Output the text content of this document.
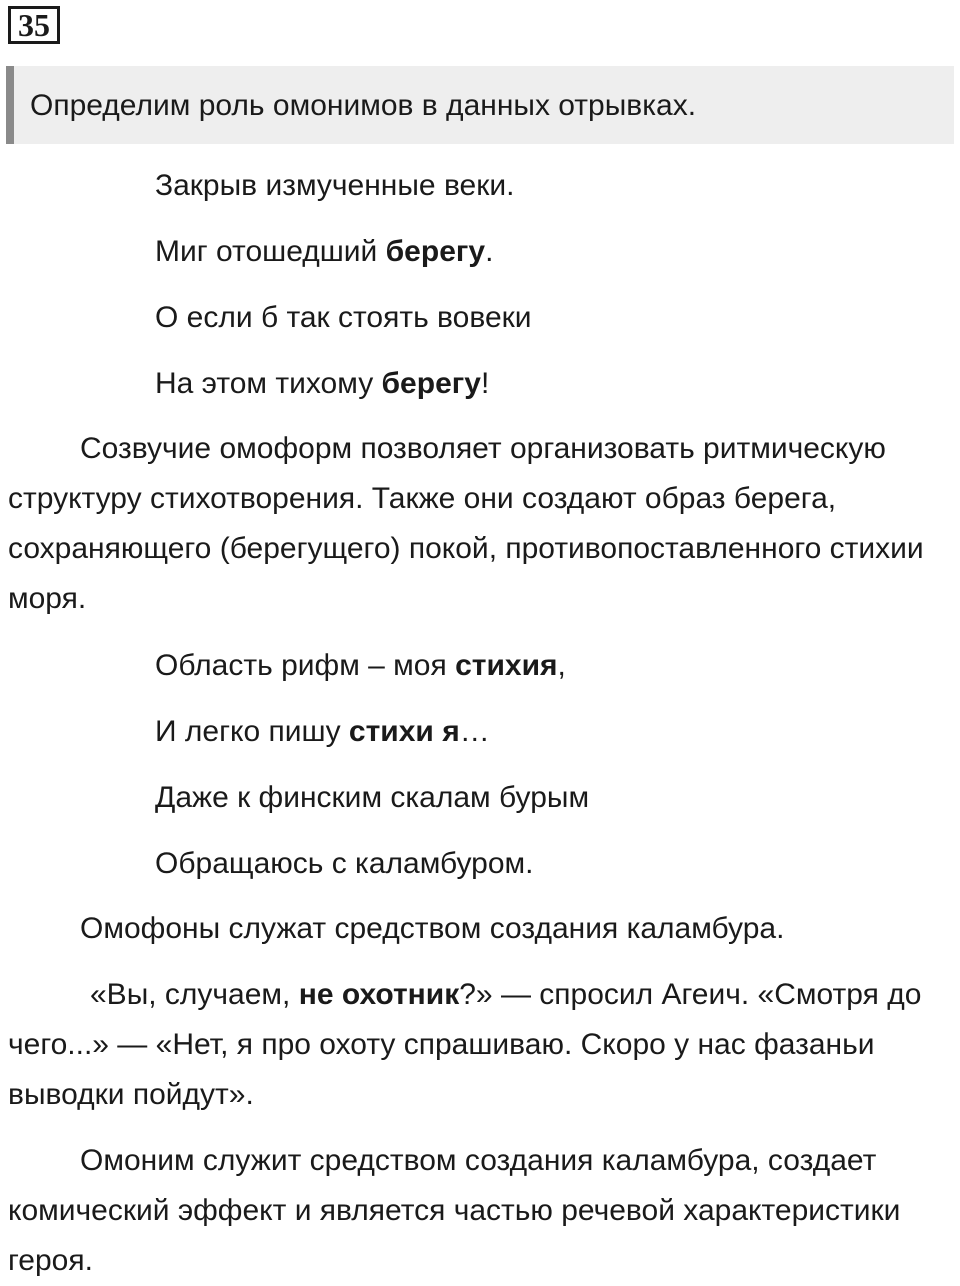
35
Определим роль омонимов в данных отрывках.
Закрыв измученные веки.
Миг отошедший берегу.
О если б так стоять вовеки
На этом тихому берегу!

Созвучие омоформ позволяет организовать ритмическую структуру стихотворения. Также они создают образ берега, сохраняющего (берегущего) покой, противопоставленного стихии моря.

Область рифм – моя стихия,
И легко пишу стихи я…
Даже к финским скалам бурым
Обращаюсь с каламбуром.

Омофоны служат средством создания каламбура.

«Вы, случаем, не охотник?» — спросил Агеич. «Смотря до чего...» — «Нет, я про охоту спрашиваю. Скоро у нас фазаньи выводки пойдут».

Омоним служит средством создания каламбура, создает комический эффект и является частью речевой характеристики героя.
